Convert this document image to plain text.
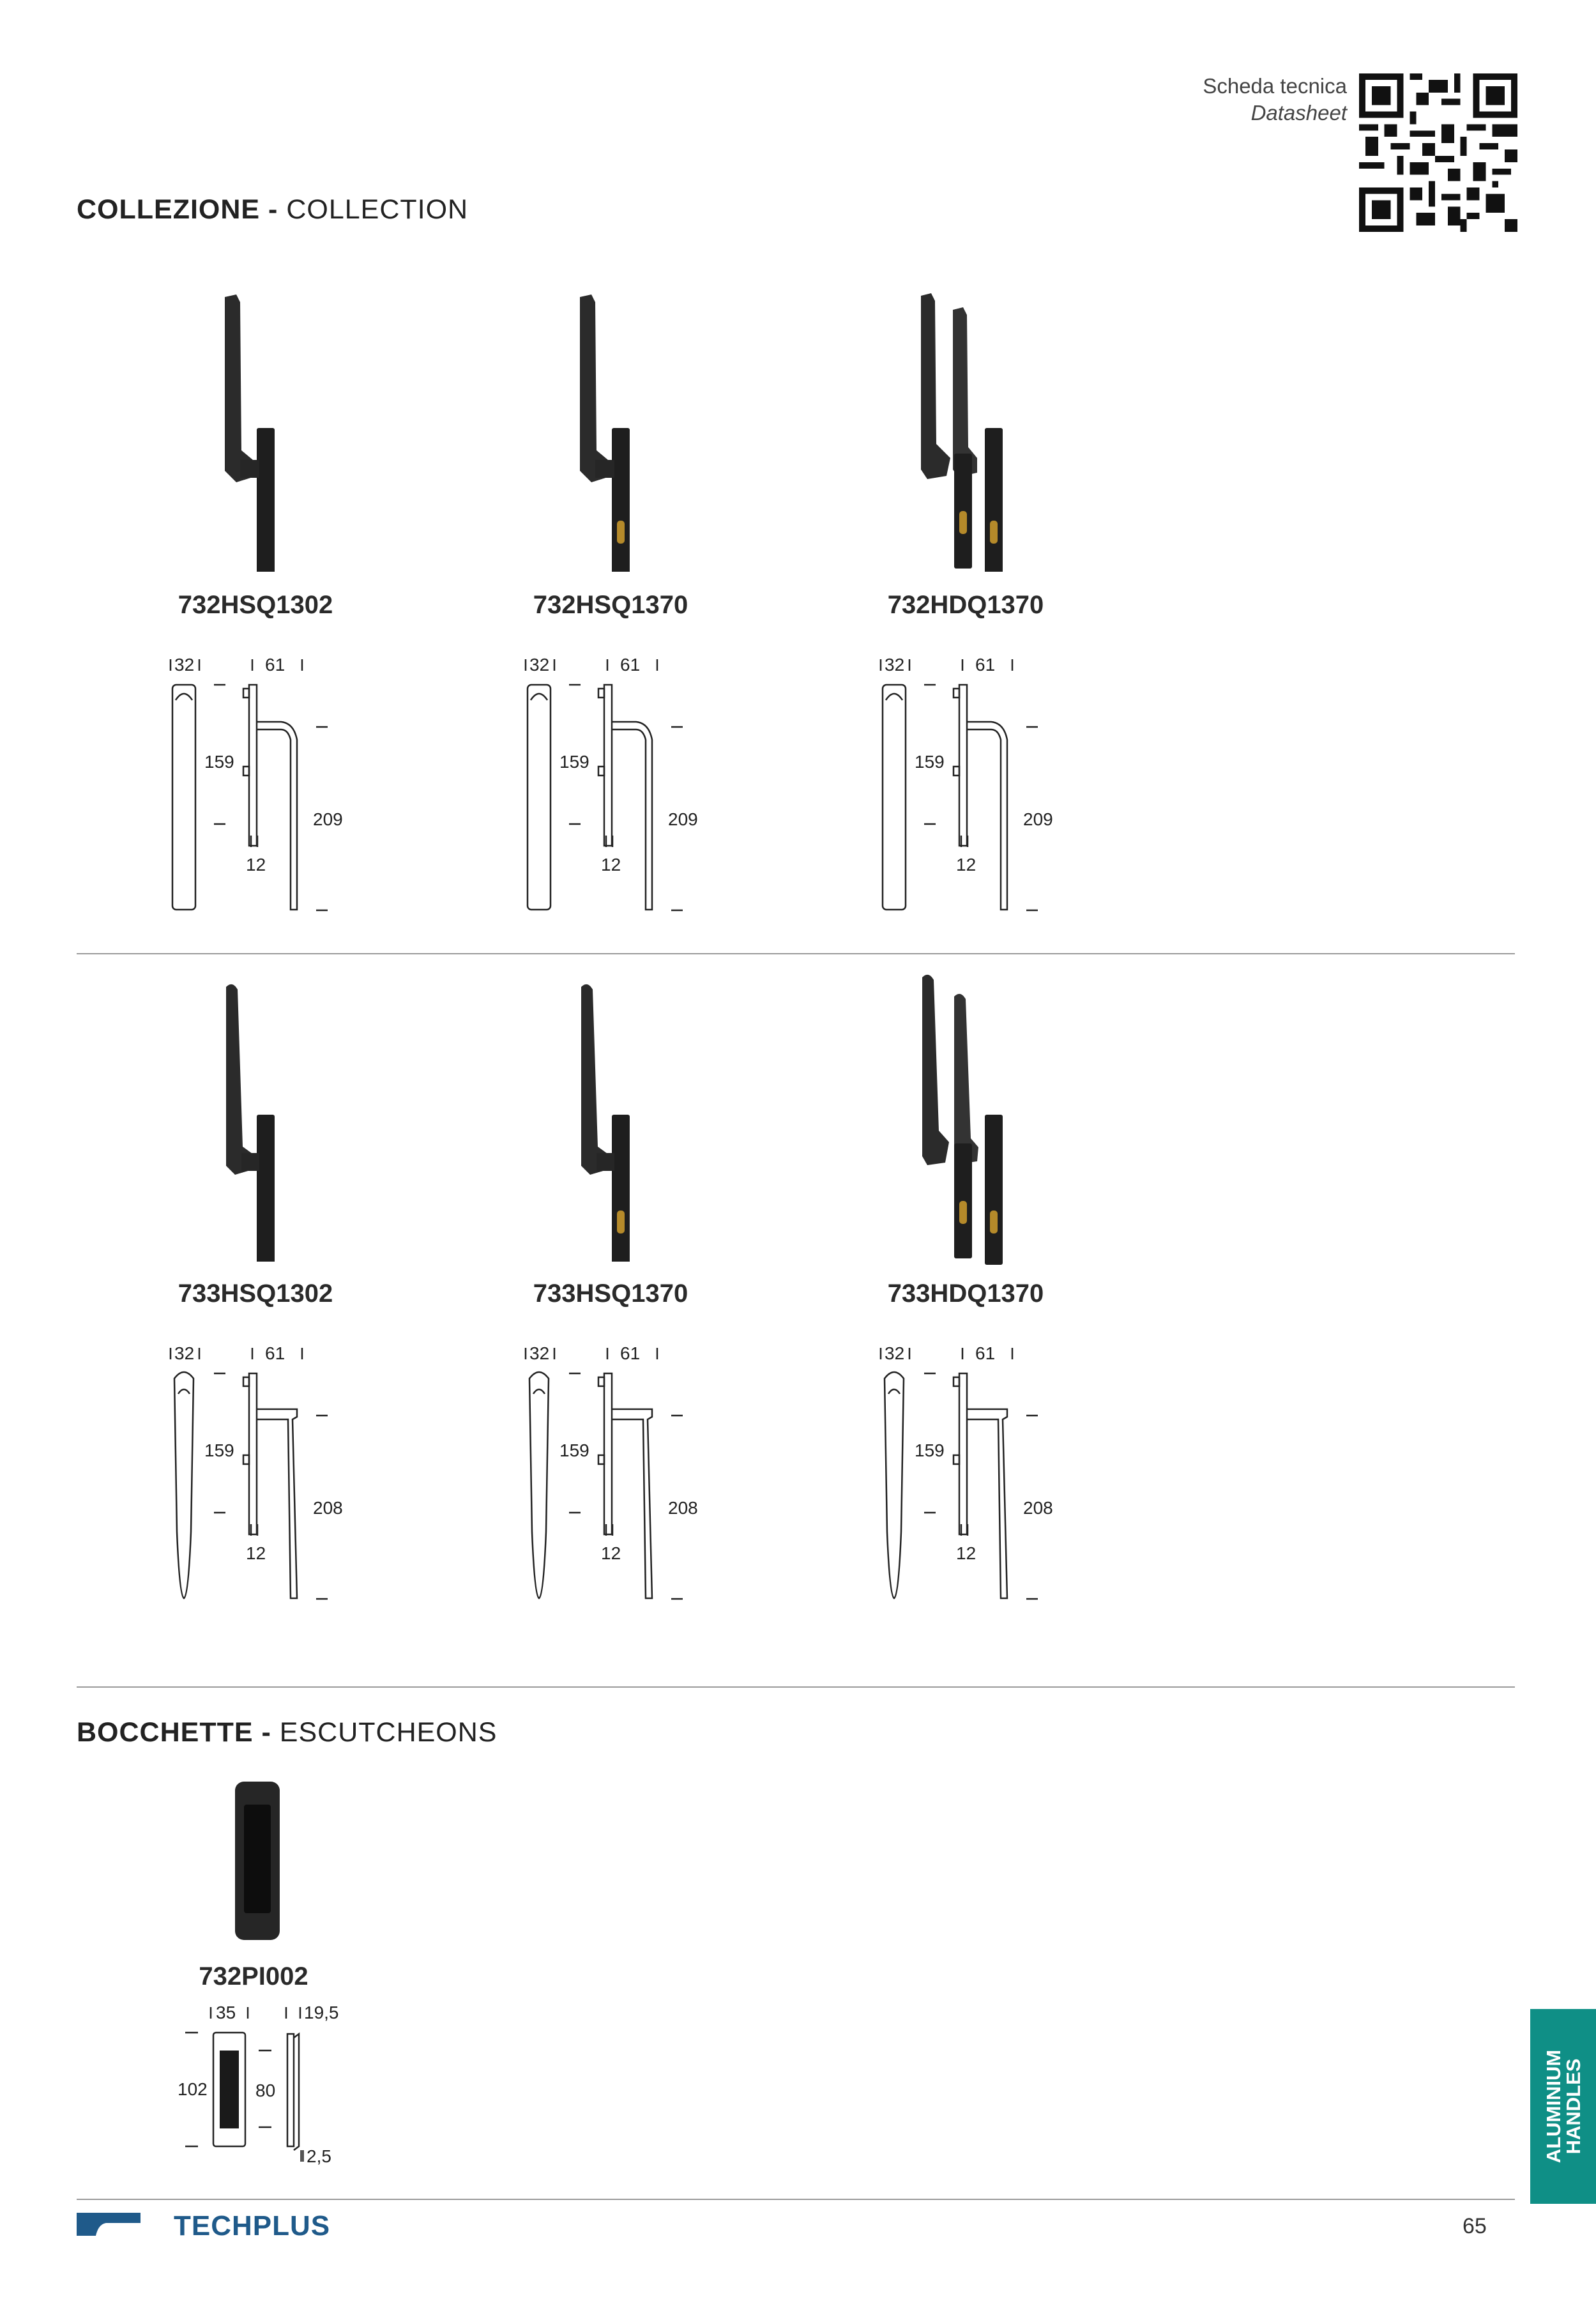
Scheda tecnica
Datasheet
COLLEZIONE - COLLECTION
732HSQ1302	732HSQ1370	732HDQ1370
32	61
159
209
12
32	61
159
209
12
32	61
159
209
12
733HSQ1302	733HSQ1370	733HDQ1370
32	61
159
208
12
32	61
159
208
12
32	61
159
208
12
BOCCHETTE - ESCUTCHEONS
732PI002
35	19,5
102	80
2,5	ALUMINIUM
HANDLES
TECHPLUS	65
